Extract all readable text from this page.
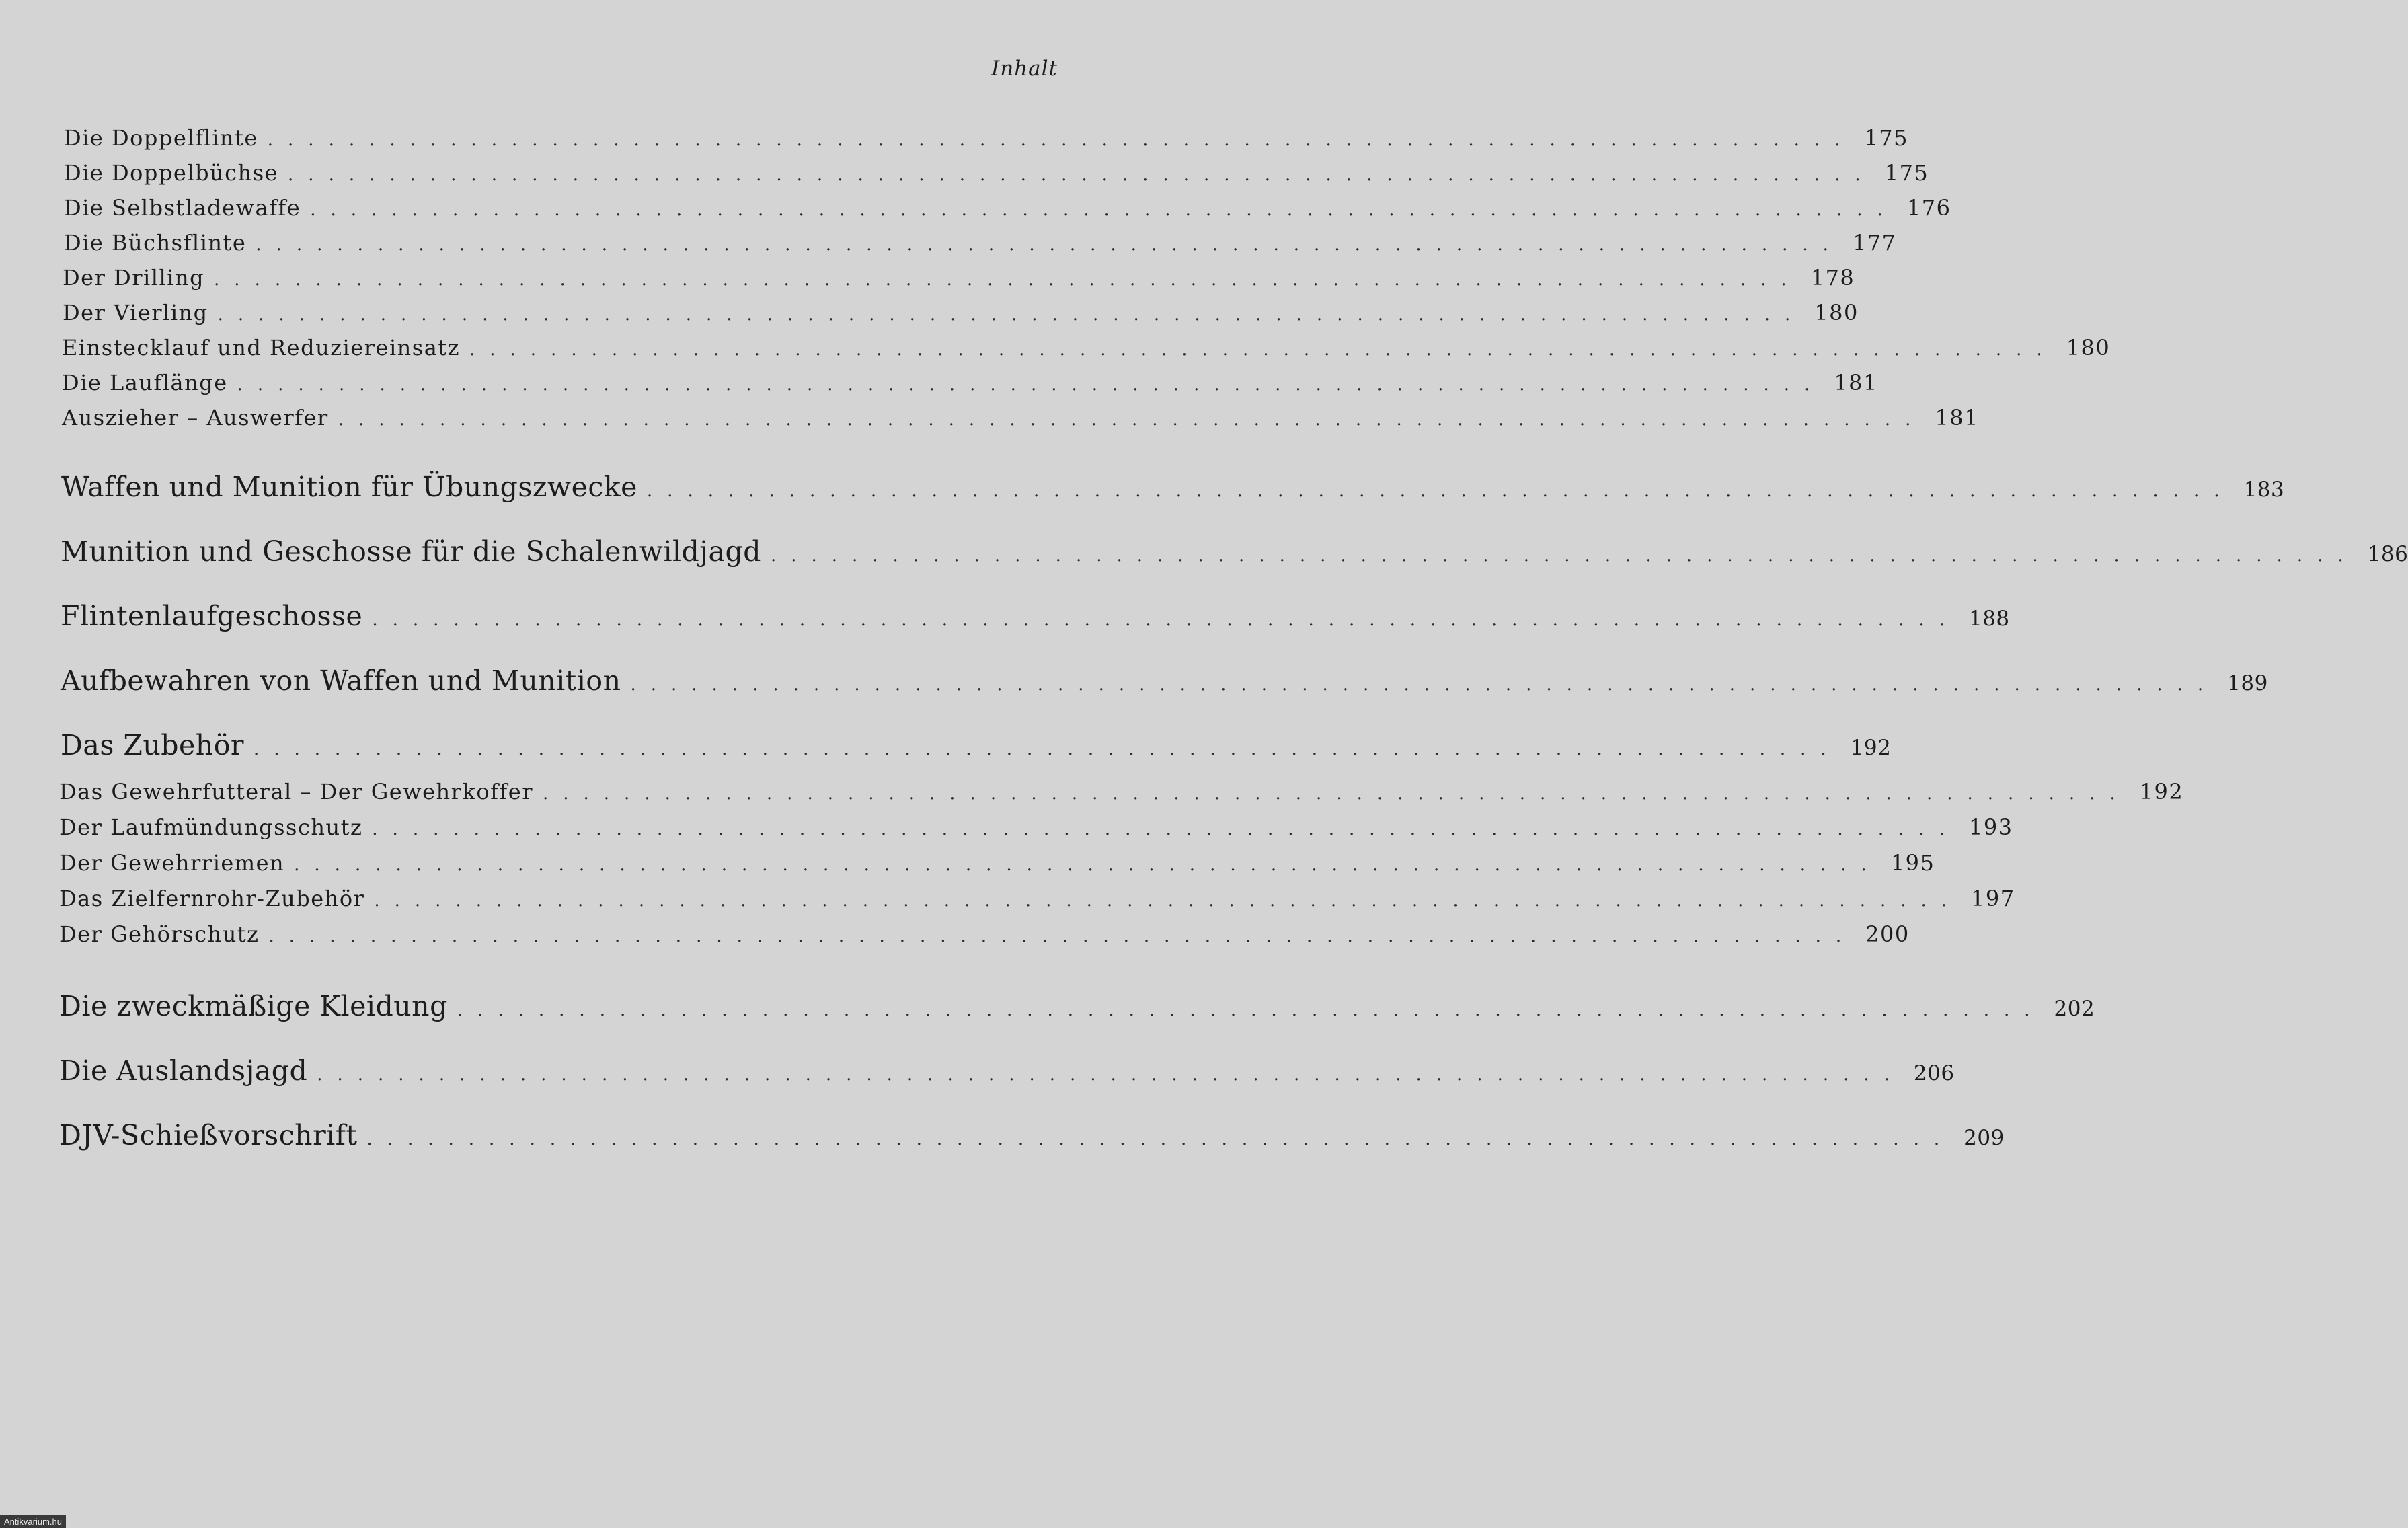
Inhalt
Die Doppelflinte .............................................................................. 175
Die Doppelbüchse .............................................................................. 175
Die Selbstladewaffe .............................................................................. 176
Die Büchsflinte .............................................................................. 177
Der Drilling .............................................................................. 178
Der Vierling .............................................................................. 180
Einstecklauf und Reduziereinsatz .............................................................................. 180
Die Lauflänge .............................................................................. 181
Auszieher – Auswerfer .............................................................................. 181
Waffen und Munition für Übungszwecke .............................................................................. 183
Munition und Geschosse für die Schalenwildjagd .............................................................................. 186
Flintenlaufgeschosse .............................................................................. 188
Aufbewahren von Waffen und Munition .............................................................................. 189
Das Zubehör .............................................................................. 192
Das Gewehrfutteral – Der Gewehrkoffer .............................................................................. 192
Der Laufmündungsschutz .............................................................................. 193
Der Gewehrriemen .............................................................................. 195
Das Zielfernrohr-Zubehör .............................................................................. 197
Der Gehörschutz .............................................................................. 200
Die zweckmäßige Kleidung .............................................................................. 202
Die Auslandsjagd .............................................................................. 206
DJV-Schießvorschrift .............................................................................. 209
Antikvarium.hu
